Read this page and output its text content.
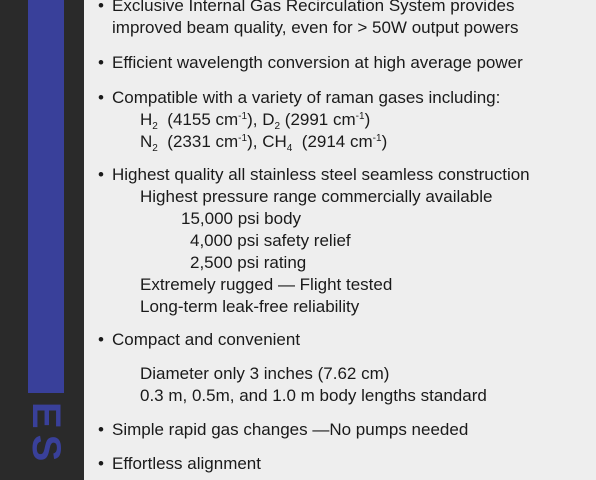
ES
• Exclusive Internal Gas Recirculation System provides
improved beam quality, even for > 50W output powers
• Efficient wavelength conversion at high average power
• Compatible with a variety of raman gases including:
$H_2$ (4155 $cm^{-1}$), $D_2$ (2991 $cm^{-1}$)
$N_2$ (2331 $cm^{-1}$), $CH_4$ (2914 $cm^{-1}$)
• Highest quality all stainless steel seamless construction
Highest pressure range commercially available
15,000 psi body
4,000 psi safety relief
2,500 psi rating
Extremely rugged — Flight tested
Long-term leak-free reliability
• Compact and convenient
Diameter only 3 inches (7.62 cm)
0.3 m, 0.5m, and 1.0 m body lengths standard
• Simple rapid gas changes —No pumps needed
• Effortless alignment
